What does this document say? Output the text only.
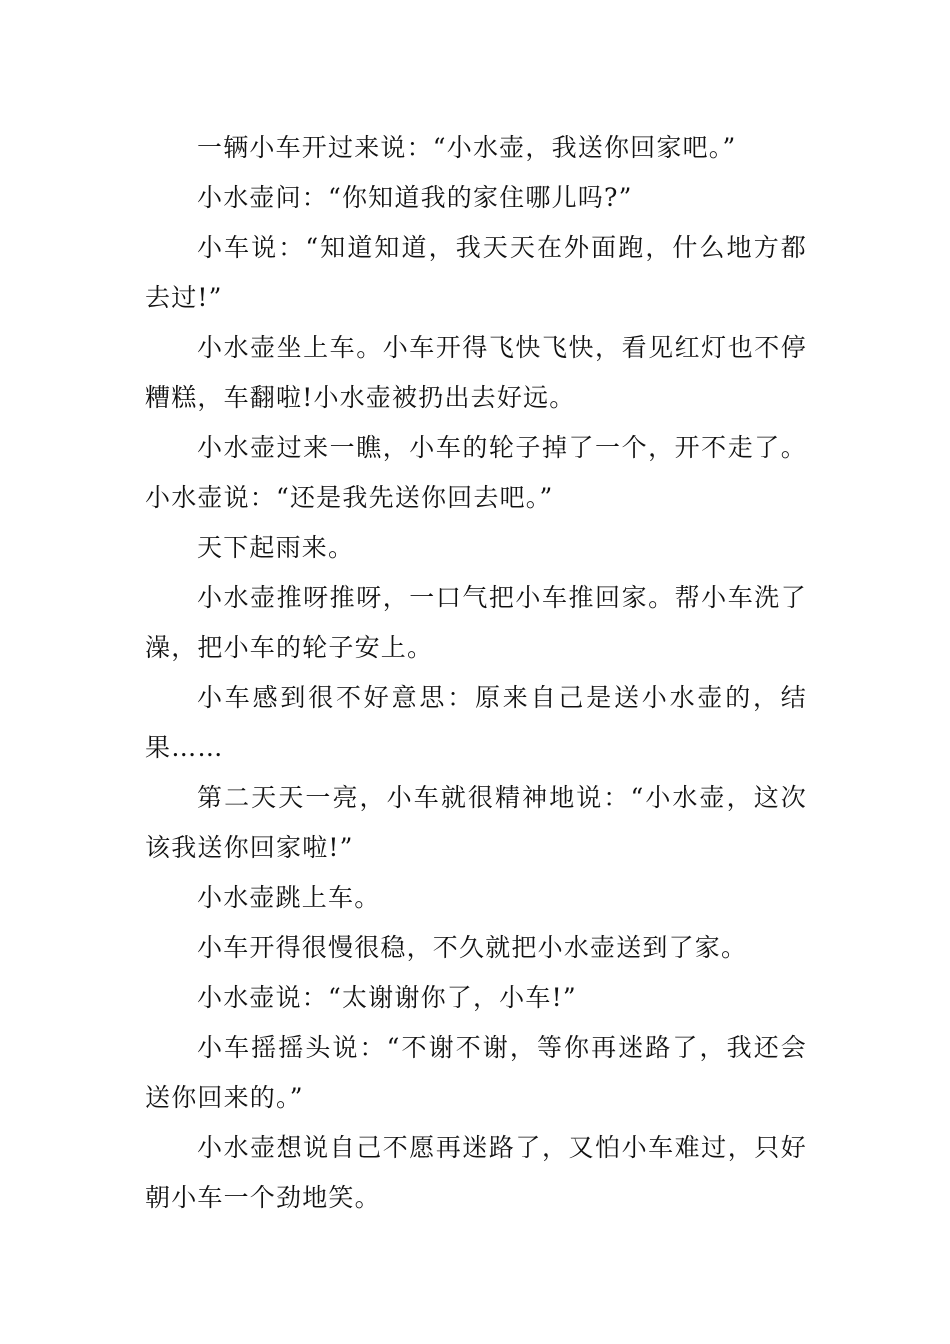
一辆小车开过来说：“小水壶，我送你回家吧。”

小水壶问：“你知道我的家住哪儿吗?”

小车说：“知道知道，我天天在外面跑，什么地方都去过!”

小水壶坐上车。小车开得飞快飞快，看见红灯也不停糟糕，车翻啦!小水壶被扔出去好远。

小水壶过来一瞧，小车的轮子掉了一个，开不走了。小水壶说：“还是我先送你回去吧。”

天下起雨来。

小水壶推呀推呀，一口气把小车推回家。帮小车洗了澡，把小车的轮子安上。

小车感到很不好意思：原来自己是送小水壶的，结果……

第二天天一亮，小车就很精神地说：“小水壶，这次该我送你回家啦!”

小水壶跳上车。

小车开得很慢很稳，不久就把小水壶送到了家。

小水壶说：“太谢谢你了，小车!”

小车摇摇头说：“不谢不谢，等你再迷路了，我还会送你回来的。”

小水壶想说自己不愿再迷路了，又怕小车难过，只好朝小车一个劲地笑。
